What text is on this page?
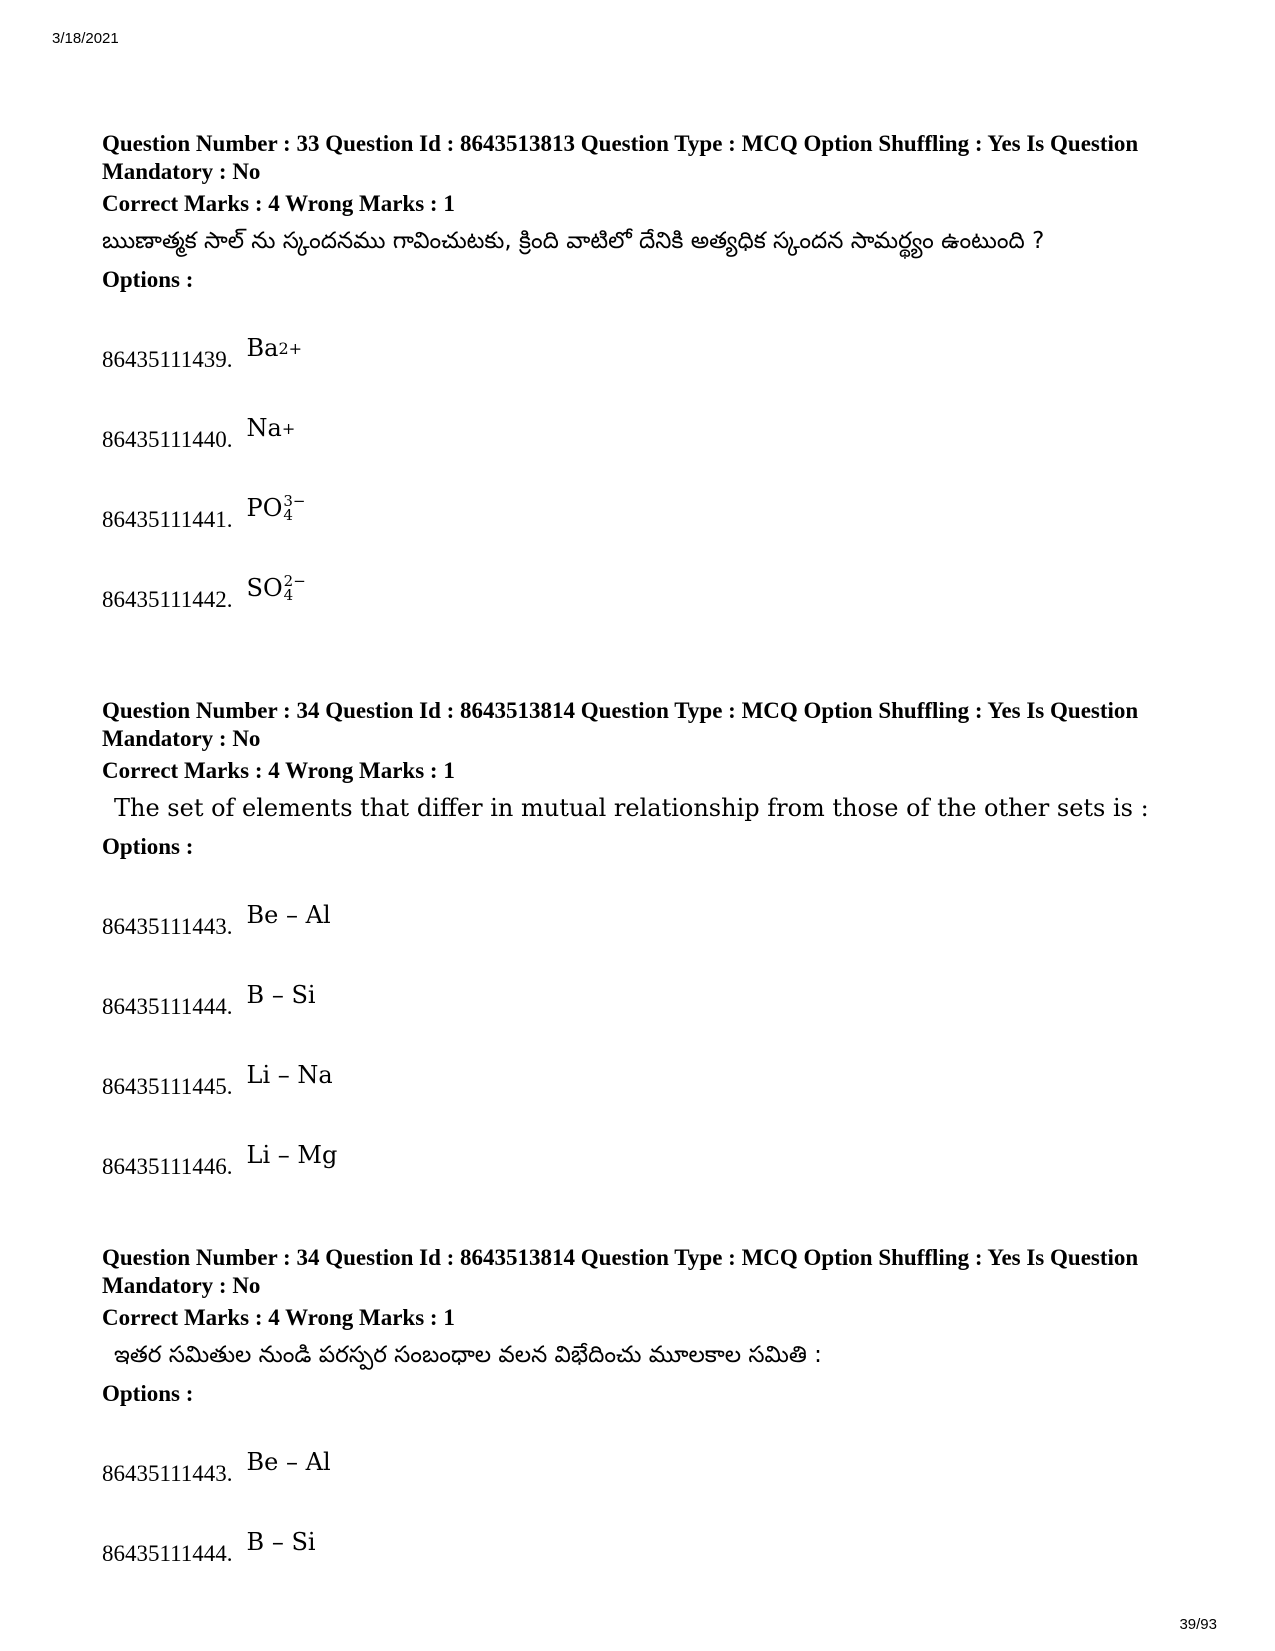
3/18/2021
Question Number : 33 Question Id : 8643513813 Question Type : MCQ Option Shuffling : Yes Is Question Mandatory : No
Correct Marks : 4 Wrong Marks : 1
ఋణాత్మక సాల్ ను స్కందనము గావించుటకు, క్రింది వాటిలో దేనికి అత్యధిక స్కందన సామర్థ్యం ఉంటుంది ?
Options :
86435111439. Ba 2+
86435111440. Na +
86435111441. PO 3−
4
86435111442. SO 2−
4
Question Number : 34 Question Id : 8643513814 Question Type : MCQ Option Shuffling : Yes Is Question Mandatory : No
Correct Marks : 4 Wrong Marks : 1
The set of elements that differ in mutual relationship from those of the other sets is :
Options :
86435111443. Be – Al
86435111444. B – Si
86435111445. Li – Na
86435111446. Li – Mg
Question Number : 34 Question Id : 8643513814 Question Type : MCQ Option Shuffling : Yes Is Question Mandatory : No
Correct Marks : 4 Wrong Marks : 1
ఇతర సమితుల నుండి పరస్పర సంబంధాల వలన విభేదించు మూలకాల సమితి :
Options :
86435111443. Be – Al
86435111444. B – Si
39/93
